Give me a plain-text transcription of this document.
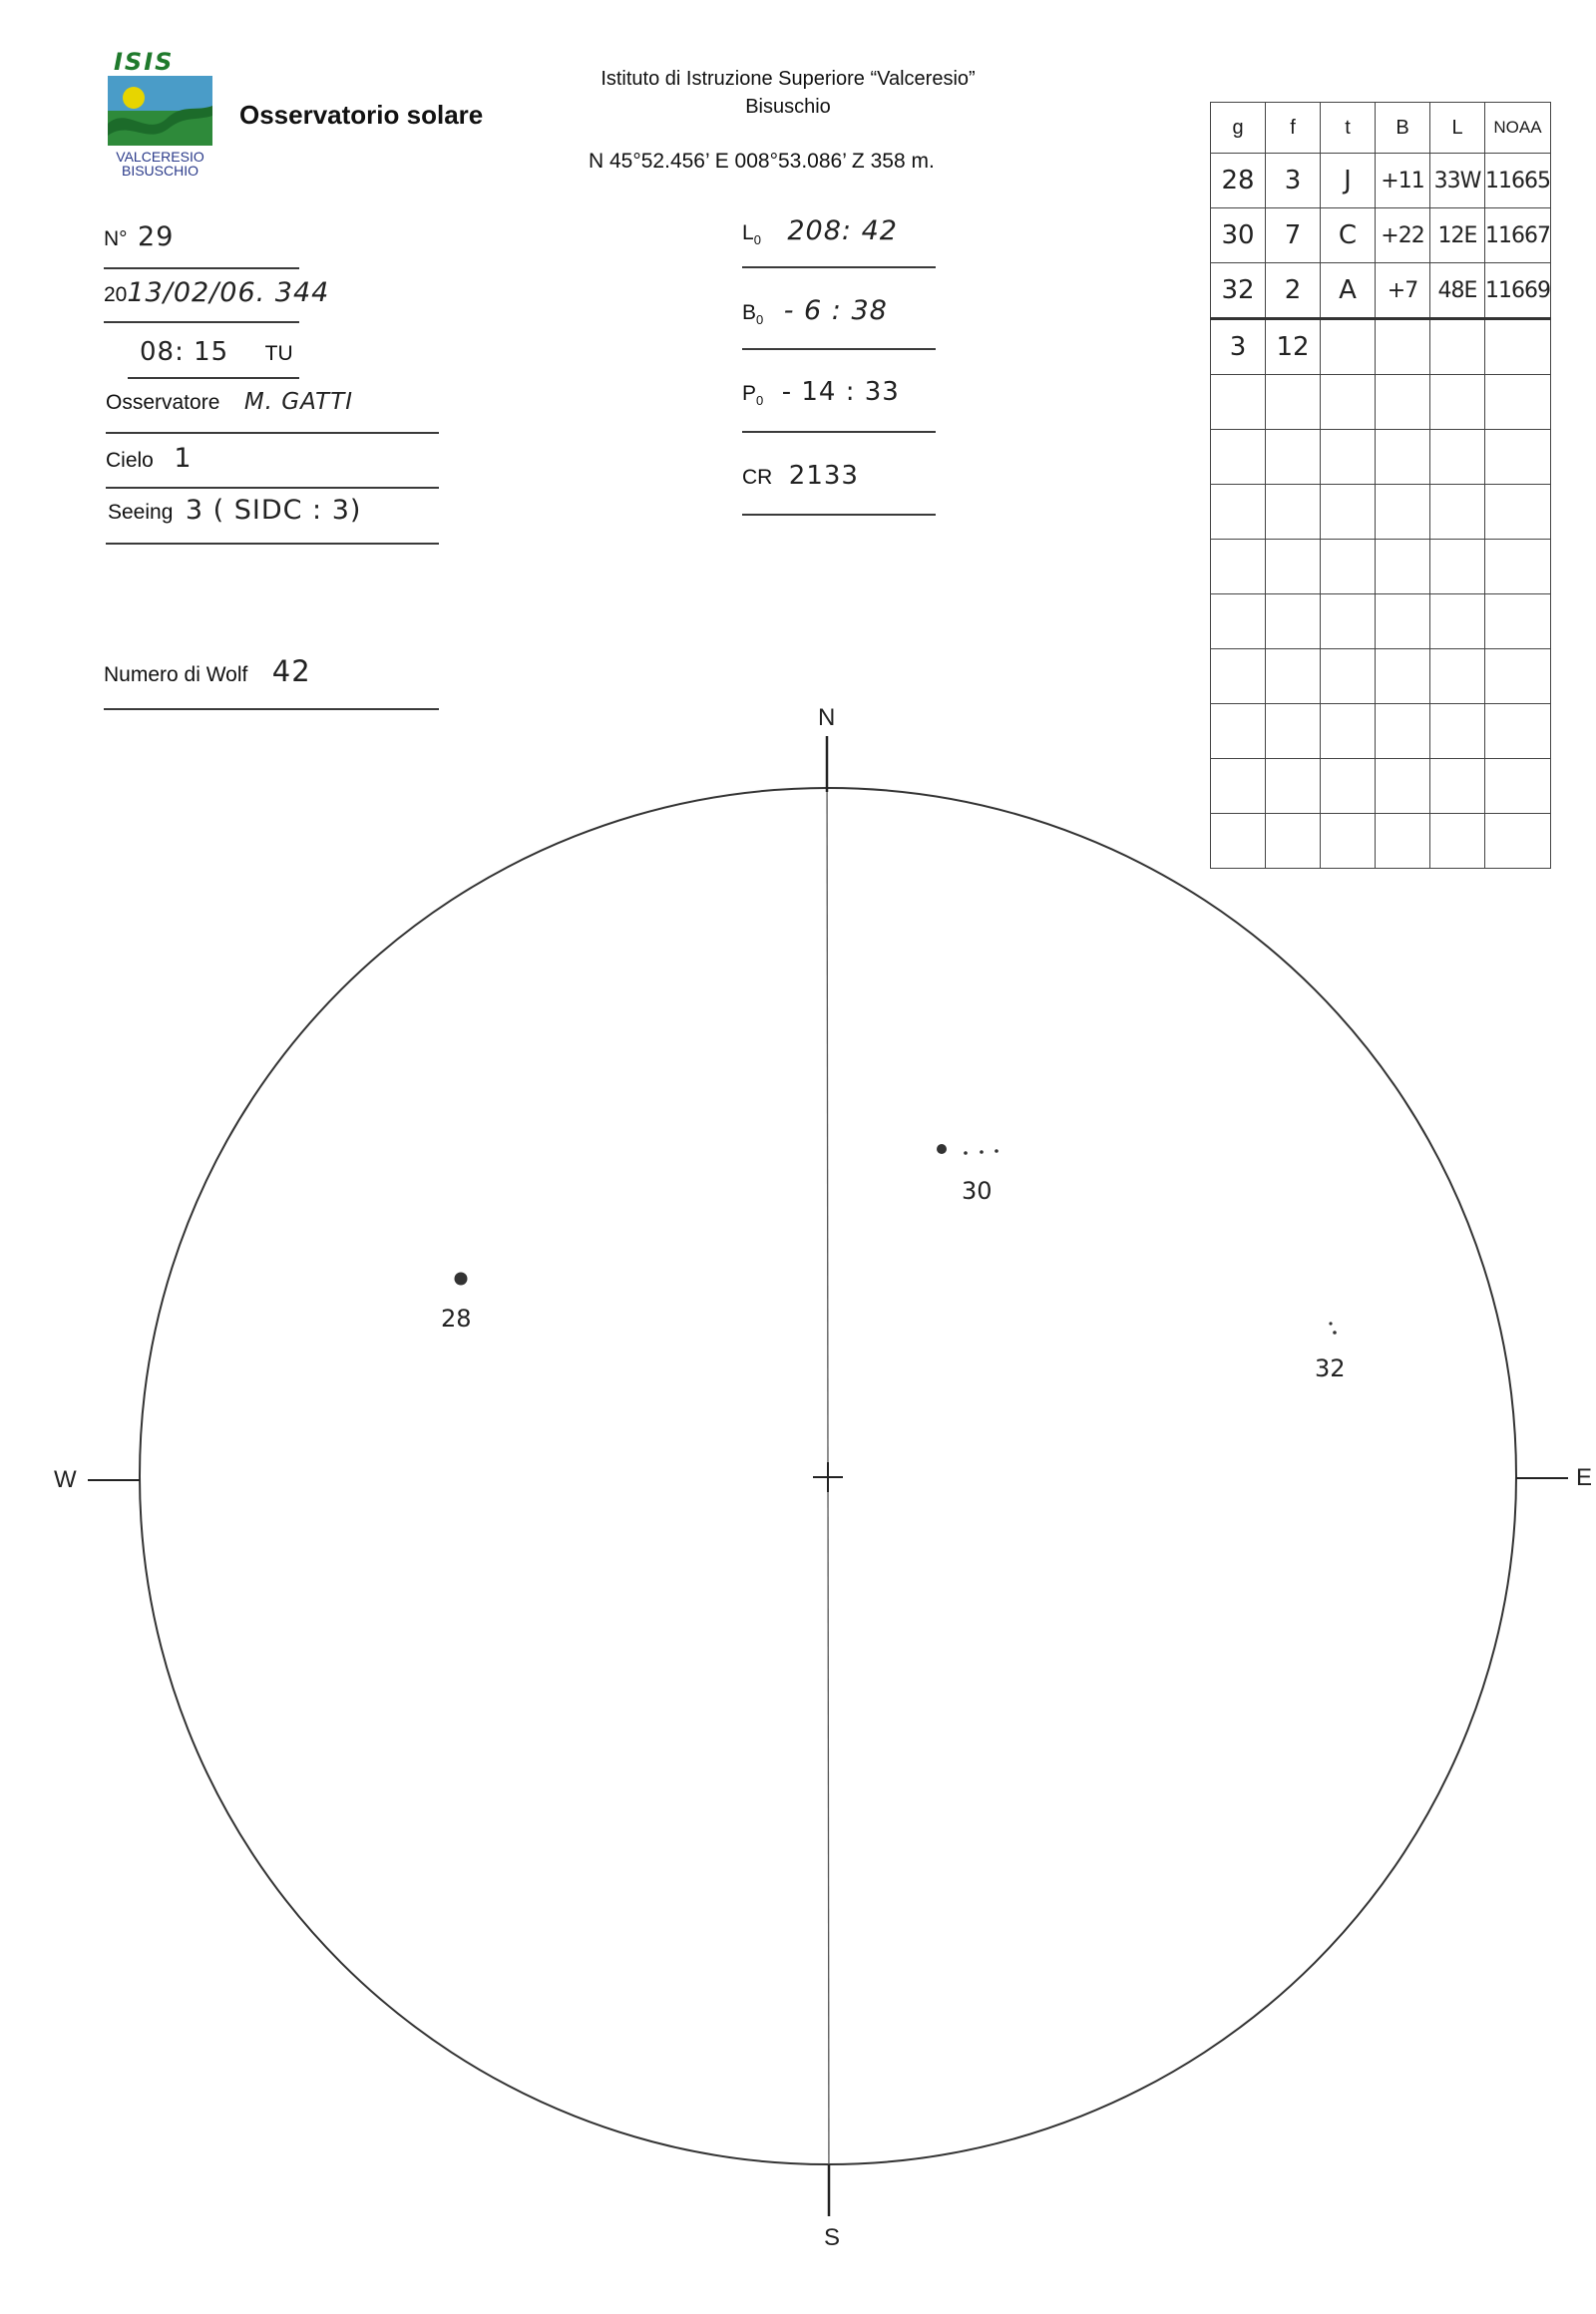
ISIS
VALCERESIO
BISUSCHIO
Osservatorio solare
Istituto di Istruzione Superiore “Valceresio”
Bisuschio
N 45°52.456’ E 008°53.086’ Z 358 m.
N° 29
2013/02/06. 344
08: 15 TU
Osservatore M. GATTI
Cielo 1
Seeing 3 ( SIDC : 3)
Numero di Wolf 42
$L_0$ 208: 42
$B_0 - 6$ : 38
$P_0 - 14$ : 33
CR 2133
g	f	t	B	L	NOAA
28	3	J	+11	33W	11665
30	7	C	+22	12E	11667
32	2	A	+7	48E	11669
3	12				

N
S
W	E
28
30
32
